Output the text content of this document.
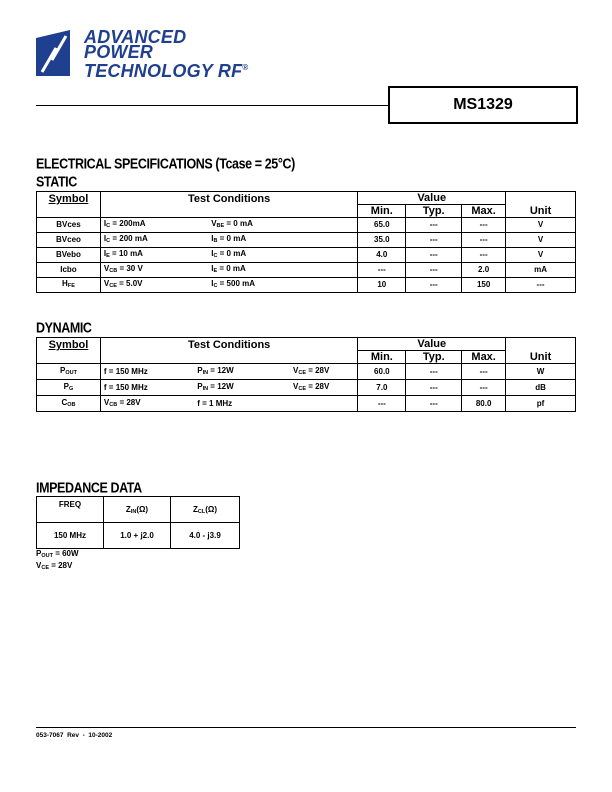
ADVANCED
POWER
TECHNOLOGY RF®
MS1329
ELECTRICAL SPECIFICATIONS (Tcase = 25°C)
STATIC
Symbol	Test Conditions		Value			
			Min.	Typ.	Max.	Unit
BVces	$I_C = 200mA$	$V_{BE} = 0$ mA	65.0	---	---	V
BVceo	$I_C = 200$ mA	$I_B = 0$ mA	35.0	---	---	V
BVebo	$I_E = 10$ mA	$I_C = 0$ mA	4.0	---	---	V
Icbo	$V_{CB} = 30$ V	$I_E = 0$ mA	---	---	2.0	mA
$H_{FE}$	$V_{CE} = 5.0V$	$I_C = 500$ mA	10	---	150	---
DYNAMIC
Symbol	Test Conditions			Value			
				Min.	Typ.	Max.	Unit
$P_{OUT}$	f = 150 MHz	$P_{IN} = 12W$	$V_{CE} = 28V$	60.0	---	---	W
$P_G$	f = 150 MHz	$P_{IN} = 12W$	$V_{CE} = 28V$	7.0	---	---	dB
$C_{OB}$	$V_{CB} = 28V$	f = 1 MHz		---	---	80.0	pf
IMPEDANCE DATA
FREQ	$Z_{IN}(\Omega)$	$Z_{CL}(\Omega)$
150 MHz	1.0 + j2.0	4.0 - j3.9
$P_{OUT} = 60W$
$V_{CE} = 28V$
053-7067  Rev  -  10-2002
